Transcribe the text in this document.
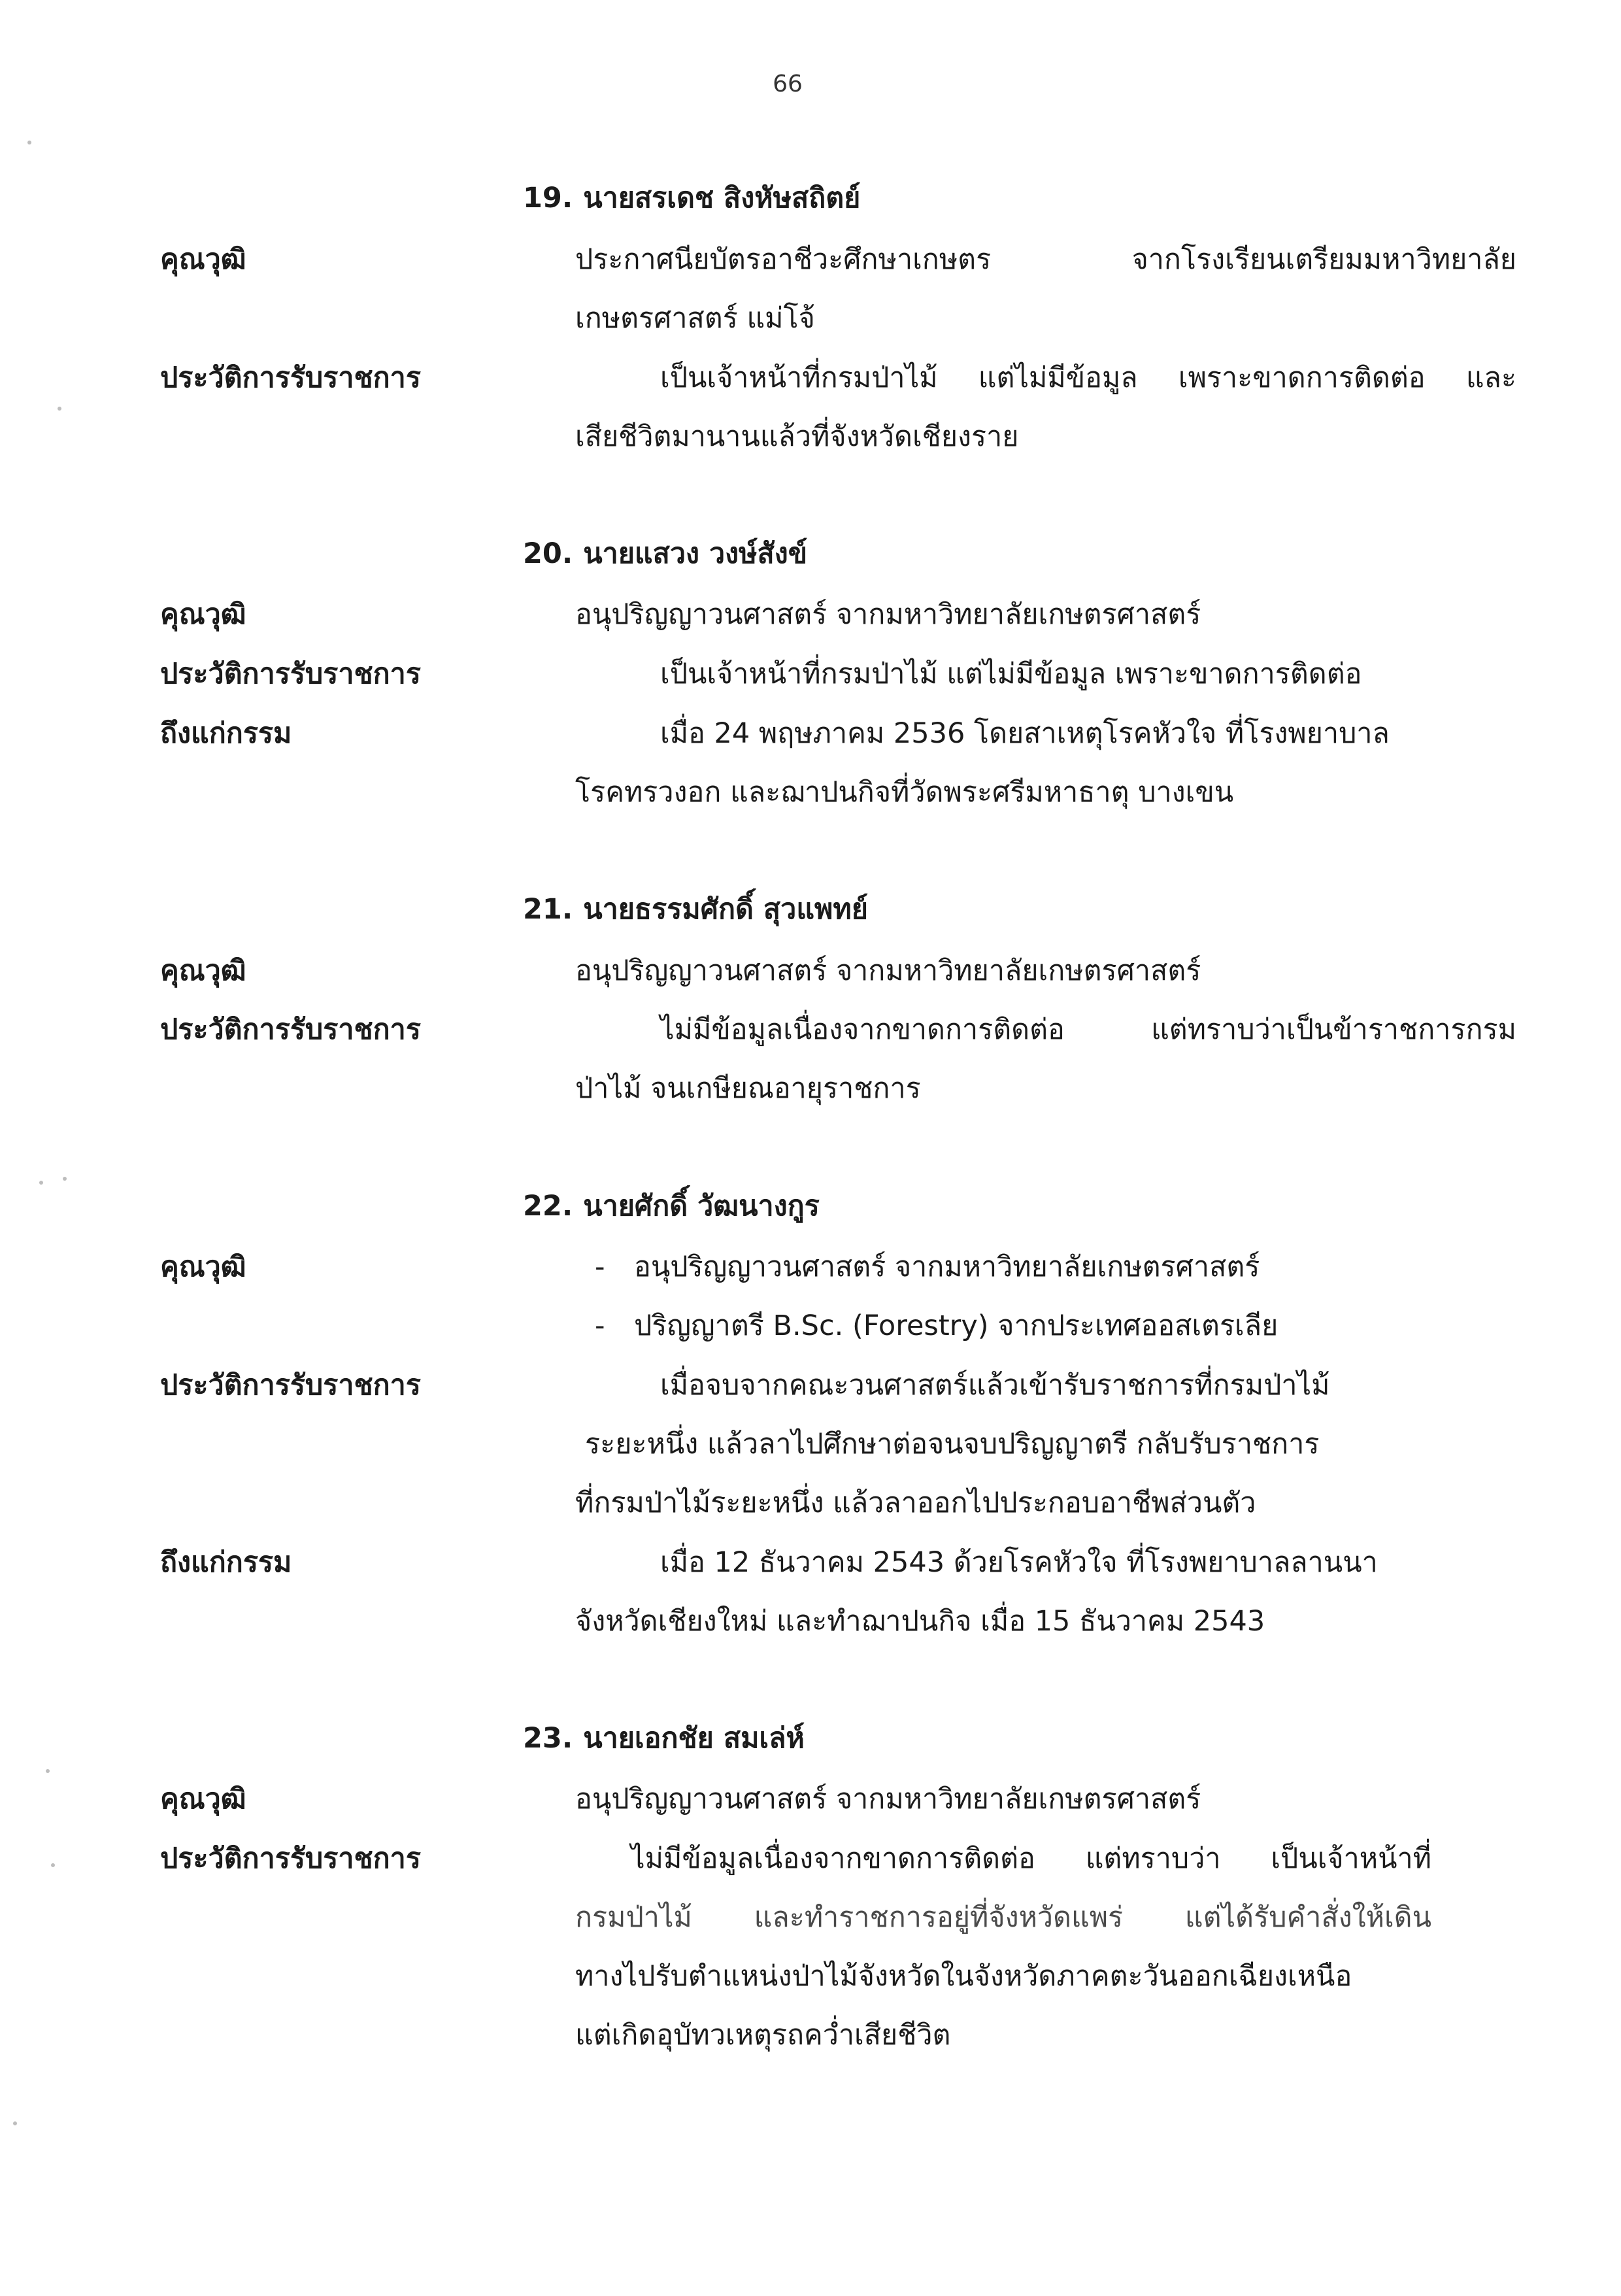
66
19. นายสรเดช สิงหัษสถิตย์
คุณวุฒิ	ประกาศนียบัตรอาชีวะศึกษาเกษตร จากโรงเรียนเตรียมมหาวิทยาลัย
เกษตรศาสตร์ แม่โจ้
ประวัติการรับราชการ	เป็นเจ้าหน้าที่กรมป่าไม้ แต่ไม่มีข้อมูล เพราะขาดการติดต่อ และ
เสียชีวิตมานานแล้วที่จังหวัดเชียงราย
20. นายแสวง วงษ์สังข์
คุณวุฒิ	อนุปริญญาวนศาสตร์ จากมหาวิทยาลัยเกษตรศาสตร์
ประวัติการรับราชการ	เป็นเจ้าหน้าที่กรมป่าไม้ แต่ไม่มีข้อมูล เพราะขาดการติดต่อ
ถึงแก่กรรม	เมื่อ 24 พฤษภาคม 2536 โดยสาเหตุโรคหัวใจ ที่โรงพยาบาล
โรคทรวงอก และฌาปนกิจที่วัดพระศรีมหาธาตุ บางเขน
21. นายธรรมศักดิ์ สุวแพทย์
คุณวุฒิ	อนุปริญญาวนศาสตร์ จากมหาวิทยาลัยเกษตรศาสตร์
ประวัติการรับราชการ	ไม่มีข้อมูลเนื่องจากขาดการติดต่อ แต่ทราบว่าเป็นข้าราชการกรม
ป่าไม้ จนเกษียณอายุราชการ
22. นายศักดิ์ วัฒนางกูร
คุณวุฒิ	- อนุปริญญาวนศาสตร์ จากมหาวิทยาลัยเกษตรศาสตร์
- ปริญญาตรี B.Sc. (Forestry) จากประเทศออสเตรเลีย
ประวัติการรับราชการ	เมื่อจบจากคณะวนศาสตร์แล้วเข้ารับราชการที่กรมป่าไม้
ระยะหนึ่ง แล้วลาไปศึกษาต่อจนจบปริญญาตรี กลับรับราชการ
ที่กรมป่าไม้ระยะหนึ่ง แล้วลาออกไปประกอบอาชีพส่วนตัว
ถึงแก่กรรม	เมื่อ 12 ธันวาคม 2543 ด้วยโรคหัวใจ ที่โรงพยาบาลลานนา
จังหวัดเชียงใหม่ และทำฌาปนกิจ เมื่อ 15 ธันวาคม 2543
23. นายเอกชัย สมเล่ห์
คุณวุฒิ	อนุปริญญาวนศาสตร์ จากมหาวิทยาลัยเกษตรศาสตร์
ประวัติการรับราชการ	ไม่มีข้อมูลเนื่องจากขาดการติดต่อ แต่ทราบว่า เป็นเจ้าหน้าที่
กรมป่าไม้ และทำราชการอยู่ที่จังหวัดแพร่ แต่ได้รับคำสั่งให้เดิน
ทางไปรับตำแหน่งป่าไม้จังหวัดในจังหวัดภาคตะวันออกเฉียงเหนือ
แต่เกิดอุบัทวเหตุรถคว่ำเสียชีวิต
